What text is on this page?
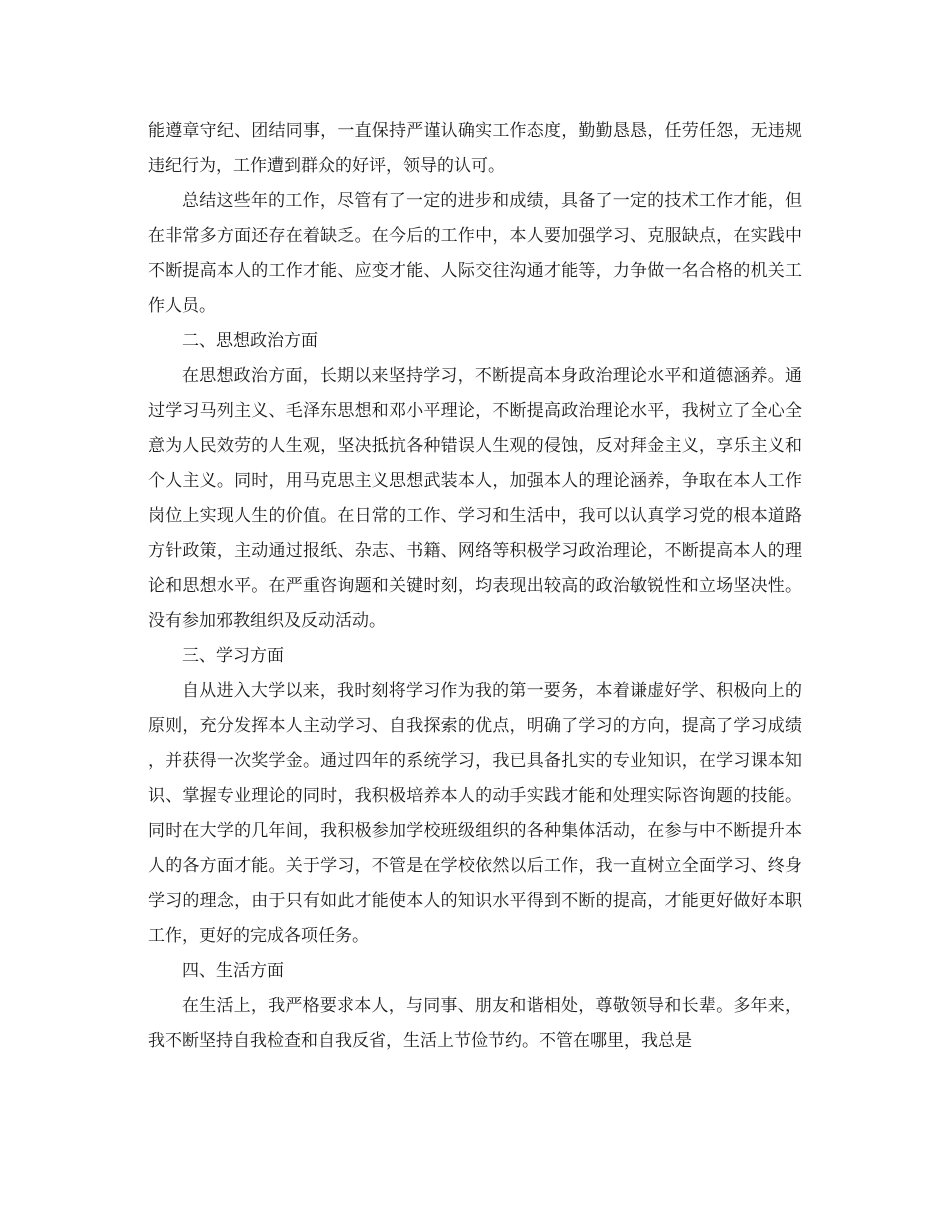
能遵章守纪、团结同事，一直保持严谨认确实工作态度，勤勤恳恳，任劳任怨，无违规违纪行为，工作遭到群众的好评，领导的认可。

总结这些年的工作，尽管有了一定的进步和成绩，具备了一定的技术工作才能，但在非常多方面还存在着缺乏。在今后的工作中，本人要加强学习、克服缺点，在实践中不断提高本人的工作才能、应变才能、人际交往沟通才能等，力争做一名合格的机关工作人员。

二、思想政治方面

在思想政治方面，长期以来坚持学习，不断提高本身政治理论水平和道德涵养。通过学习马列主义、毛泽东思想和邓小平理论，不断提高政治理论水平，我树立了全心全意为人民效劳的人生观，坚决抵抗各种错误人生观的侵蚀，反对拜金主义，享乐主义和个人主义。同时，用马克思主义思想武装本人，加强本人的理论涵养，争取在本人工作岗位上实现人生的价值。在日常的工作、学习和生活中，我可以认真学习党的根本道路方针政策，主动通过报纸、杂志、书籍、网络等积极学习政治理论，不断提高本人的理论和思想水平。在严重咨询题和关键时刻，均表现出较高的政治敏锐性和立场坚决性。没有参加邪教组织及反动活动。

三、学习方面

自从进入大学以来，我时刻将学习作为我的第一要务，本着谦虚好学、积极向上的原则，充分发挥本人主动学习、自我探索的优点，明确了学习的方向，提高了学习成绩，并获得一次奖学金。通过四年的系统学习，我已具备扎实的专业知识，在学习课本知识、掌握专业理论的同时，我积极培养本人的动手实践才能和处理实际咨询题的技能。同时在大学的几年间，我积极参加学校班级组织的各种集体活动，在参与中不断提升本人的各方面才能。关于学习，不管是在学校依然以后工作，我一直树立全面学习、终身学习的理念，由于只有如此才能使本人的知识水平得到不断的提高，才能更好做好本职工作，更好的完成各项任务。

四、生活方面

在生活上，我严格要求本人，与同事、朋友和谐相处，尊敬领导和长辈。多年来，我不断坚持自我检查和自我反省，生活上节俭节约。不管在哪里，我总是
